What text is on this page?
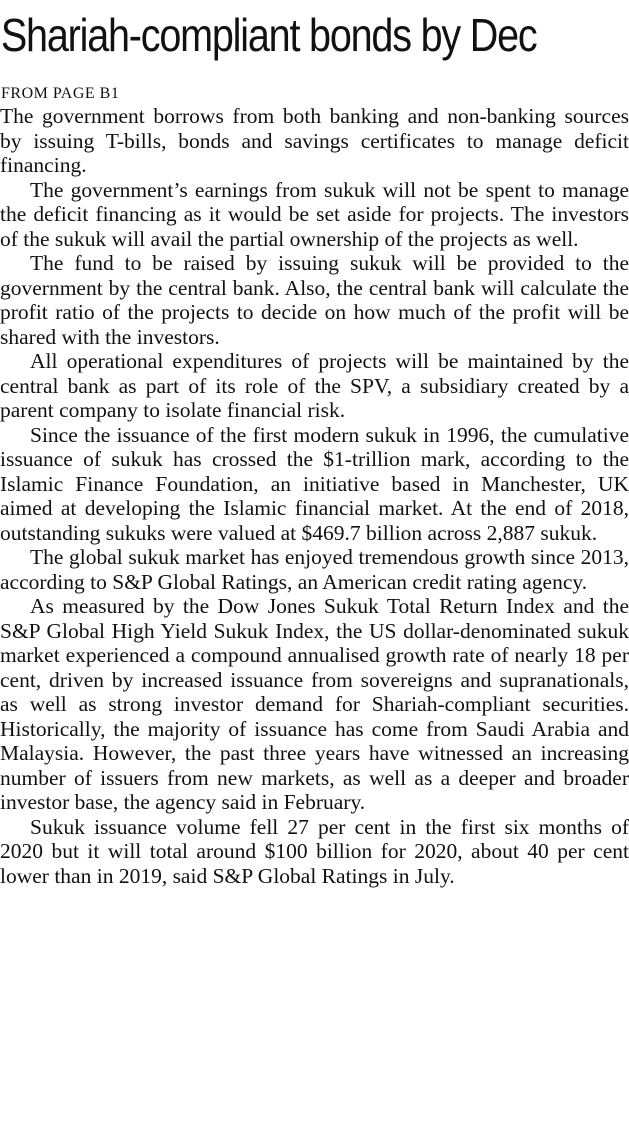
Shariah-compliant bonds by Dec
FROM PAGE B1

The government borrows from both banking and non-banking sources by issuing T-bills, bonds and savings certificates to manage deficit financing.

The government’s earnings from sukuk will not be spent to manage the deficit financing as it would be set aside for projects. The investors of the sukuk will avail the partial ownership of the projects as well.

The fund to be raised by issuing sukuk will be provided to the government by the central bank. Also, the central bank will calculate the profit ratio of the projects to decide on how much of the profit will be shared with the investors.

All operational expenditures of projects will be maintained by the central bank as part of its role of the SPV, a subsidiary created by a parent company to isolate financial risk.

Since the issuance of the first modern sukuk in 1996, the cumulative issuance of sukuk has crossed the $1-trillion mark, according to the Islamic Finance Foundation, an initiative based in Manchester, UK aimed at developing the Islamic financial market. At the end of 2018, outstanding sukuks were valued at $469.7 billion across 2,887 sukuk.

The global sukuk market has enjoyed tremendous growth since 2013, according to S&P Global Ratings, an American credit rating agency.

As measured by the Dow Jones Sukuk Total Return Index and the S&P Global High Yield Sukuk Index, the US dollar-denominated sukuk market experienced a compound annualised growth rate of nearly 18 per cent, driven by increased issuance from sovereigns and supranationals, as well as strong investor demand for Shariah-compliant securities. Historically, the majority of issuance has come from Saudi Arabia and Malaysia. However, the past three years have witnessed an increasing number of issuers from new markets, as well as a deeper and broader investor base, the agency said in February.

Sukuk issuance volume fell 27 per cent in the first six months of 2020 but it will total around $100 billion for 2020, about 40 per cent lower than in 2019, said S&P Global Ratings in July.
